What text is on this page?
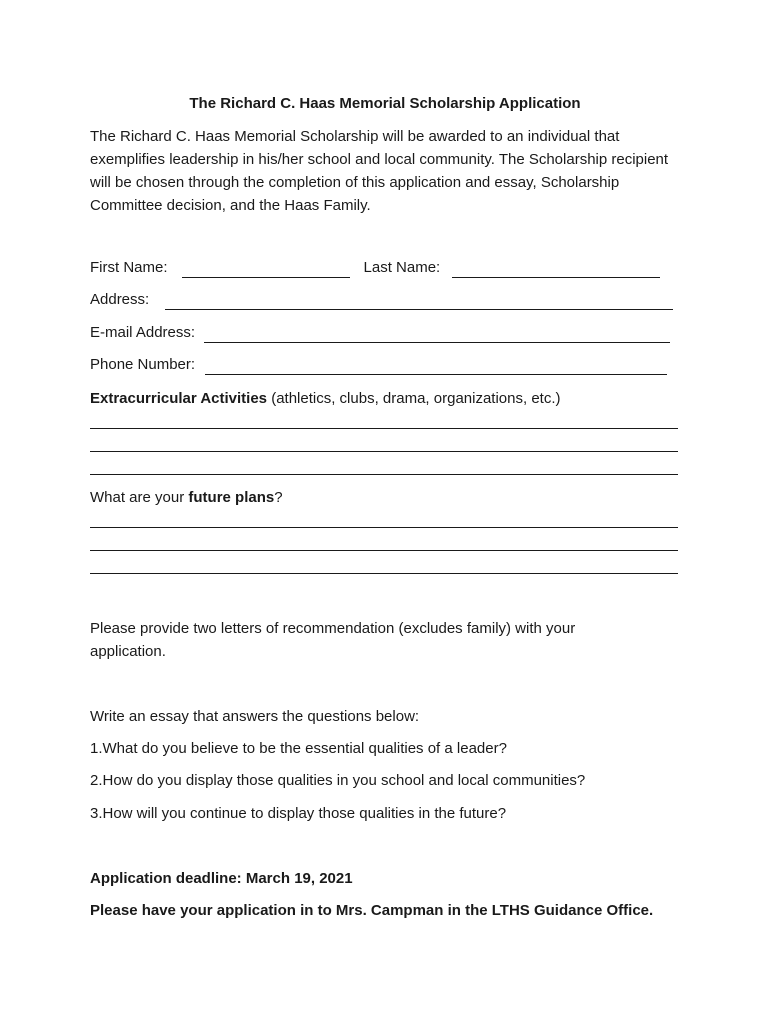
The Richard C. Haas Memorial Scholarship Application
The Richard C. Haas Memorial Scholarship will be awarded to an individual that exemplifies leadership in his/her school and local community. The Scholarship recipient will be chosen through the completion of this application and essay, Scholarship Committee decision, and the Haas Family.
First Name:	Last Name:
Address:
E-mail Address:
Phone Number:
Extracurricular Activities (athletics, clubs, drama, organizations, etc.)
What are your future plans?
Please provide two letters of recommendation (excludes family) with your application.
Write an essay that answers the questions below:
1.What do you believe to be the essential qualities of a leader?
2.How do you display those qualities in you school and local communities?
3.How will you continue to display those qualities in the future?
Application deadline: March 19, 2021
Please have your application in to Mrs. Campman in the LTHS Guidance Office.
